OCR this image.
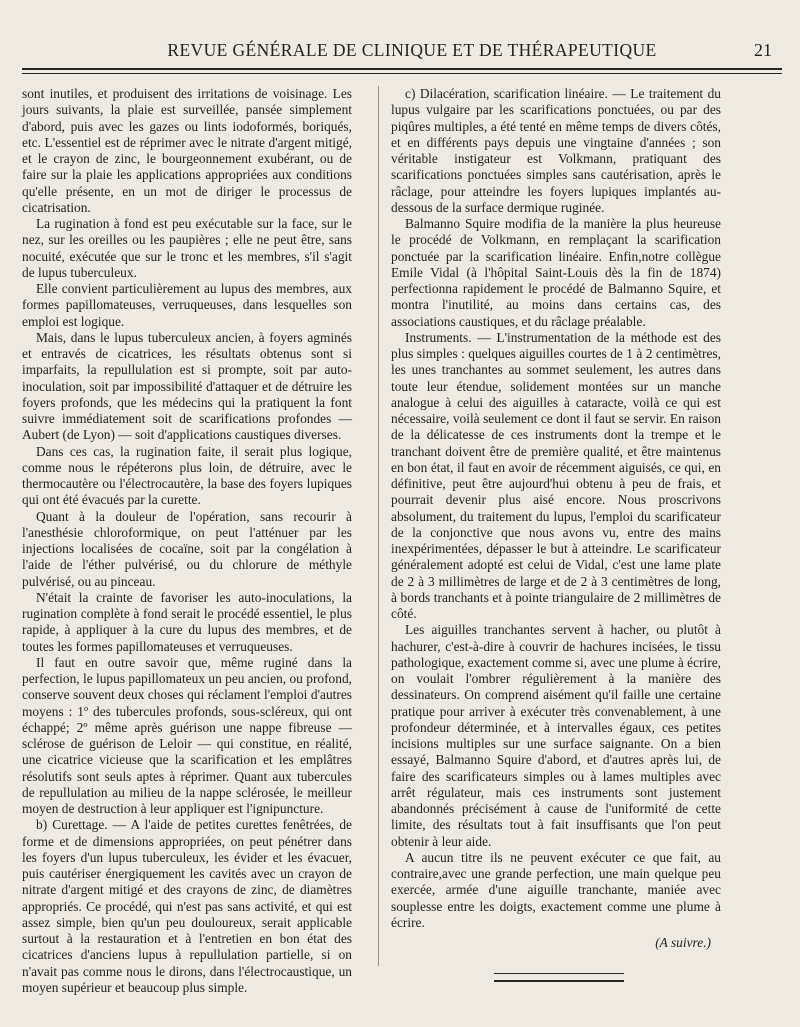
REVUE GÉNÉRALE DE CLINIQUE ET DE THÉRAPEUTIQUE	21

sont inutiles, et produisent des irritations de voisinage. Les jours suivants, la plaie est surveillée, pansée simplement d'abord, puis avec les gazes ou lints iodoformés, boriqués, etc. L'essentiel est de réprimer avec le nitrate d'argent mitigé, et le crayon de zinc, le bourgeonnement exubérant, ou de faire sur la plaie les applications appropriées aux conditions qu'elle présente, en un mot de diriger le processus de cicatrisation.

La rugination à fond est peu exécutable sur la face, sur le nez, sur les oreilles ou les paupières ; elle ne peut être, sans nocuité, exécutée que sur le tronc et les membres, s'il s'agit de lupus tuberculeux.

Elle convient particulièrement au lupus des membres, aux formes papillomateuses, verruqueuses, dans lesquelles son emploi est logique.

Mais, dans le lupus tuberculeux ancien, à foyers agminés et entravés de cicatrices, les résultats obtenus sont si imparfaits, la repullulation est si prompte, soit par auto-inoculation, soit par impossibilité d'attaquer et de détruire les foyers profonds, que les médecins qui la pratiquent la font suivre immédiatement soit de scarifications profondes — Aubert (de Lyon) — soit d'applications caustiques diverses.

Dans ces cas, la rugination faite, il serait plus logique, comme nous le répéterons plus loin, de détruire, avec le thermocautère ou l'électrocautère, la base des foyers lupiques qui ont été évacués par la curette.

Quant à la douleur de l'opération, sans recourir à l'anesthésie chloroformique, on peut l'atténuer par les injections localisées de cocaïne, soit par la congélation à l'aide de l'éther pulvérisé, ou du chlorure de méthyle pulvérisé, ou au pinceau.

N'était la crainte de favoriser les auto-inoculations, la rugination complète à fond serait le procédé essentiel, le plus rapide, à appliquer à la cure du lupus des membres, et de toutes les formes papillomateuses et verruqueuses.

Il faut en outre savoir que, même ruginé dans la perfection, le lupus papillomateux un peu ancien, ou profond, conserve souvent deux choses qui réclament l'emploi d'autres moyens : 1º des tubercules profonds, sous-scléreux, qui ont échappé; 2º même après guérison une nappe fibreuse — sclérose de guérison de Leloir — qui constitue, en réalité, une cicatrice vicieuse que la scarification et les emplâtres résolutifs sont seuls aptes à réprimer. Quant aux tubercules de repullulation au milieu de la nappe sclérosée, le meilleur moyen de destruction à leur appliquer est l'ignipuncture.

b) Curettage. — A l'aide de petites curettes fenêtrées, de forme et de dimensions appropriées, on peut pénétrer dans les foyers d'un lupus tuberculeux, les évider et les évacuer, puis cautériser énergiquement les cavités avec un crayon de nitrate d'argent mitigé et des crayons de zinc, de diamètres appropriés. Ce procédé, qui n'est pas sans activité, et qui est assez simple, bien qu'un peu douloureux, serait applicable surtout à la restauration et à l'entretien en bon état des cicatrices d'anciens lupus à repullulation partielle, si on n'avait pas comme nous le dirons, dans l'électrocaustique, un moyen supérieur et beaucoup plus simple.

c) Dilacération, scarification linéaire. — Le traitement du lupus vulgaire par les scarifications ponctuées, ou par des piqûres multiples, a été tenté en même temps de divers côtés, et en différents pays depuis une vingtaine d'années ; son véritable instigateur est Volkmann, pratiquant des scarifications ponctuées simples sans cautérisation, après le râclage, pour atteindre les foyers lupiques implantés au-dessous de la surface dermique ruginée.

Balmanno Squire modifia de la manière la plus heureuse le procédé de Volkmann, en remplaçant la scarification ponctuée par la scarification linéaire. Enfin,notre collègue Emile Vidal (à l'hôpital Saint-Louis dès la fin de 1874) perfectionna rapidement le procédé de Balmanno Squire, et montra l'inutilité, au moins dans certains cas, des associations caustiques, et du râclage préalable.

Instruments. — L'instrumentation de la méthode est des plus simples : quelques aiguilles courtes de 1 à 2 centimètres, les unes tranchantes au sommet seulement, les autres dans toute leur étendue, solidement montées sur un manche analogue à celui des aiguilles à cataracte, voilà ce qui est nécessaire, voilà seulement ce dont il faut se servir. En raison de la délicatesse de ces instruments dont la trempe et le tranchant doivent être de première qualité, et être maintenus en bon état, il faut en avoir de récemment aiguisés, ce qui, en définitive, peut être aujourd'hui obtenu à peu de frais, et pourrait devenir plus aisé encore. Nous proscrivons absolument, du traitement du lupus, l'emploi du scarificateur de la conjonctive que nous avons vu, entre des mains inexpérimentées, dépasser le but à atteindre. Le scarificateur généralement adopté est celui de Vidal, c'est une lame plate de 2 à 3 millimètres de large et de 2 à 3 centimètres de long, à bords tranchants et à pointe triangulaire de 2 millimètres de côté.

Les aiguilles tranchantes servent à hacher, ou plutôt à hachurer, c'est-à-dire à couvrir de hachures incisées, le tissu pathologique, exactement comme si, avec une plume à écrire, on voulait l'ombrer régulièrement à la manière des dessinateurs. On comprend aisément qu'il faille une certaine pratique pour arriver à exécuter très convenablement, à une profondeur déterminée, et à intervalles égaux, ces petites incisions multiples sur une surface saignante. On a bien essayé, Balmanno Squire d'abord, et d'autres après lui, de faire des scarificateurs simples ou à lames multiples avec arrêt régulateur, mais ces instruments sont justement abandonnés précisément à cause de l'uniformité de cette limite, des résultats tout à fait insuffisants que l'on peut obtenir à leur aide.

A aucun titre ils ne peuvent exécuter ce que fait, au contraire,avec une grande perfection, une main quelque peu exercée, armée d'une aiguille tranchante, maniée avec souplesse entre les doigts, exactement comme une plume à écrire.

(A suivre.)
